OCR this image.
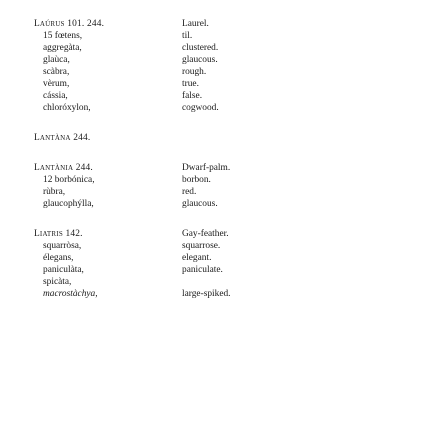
Laúrus 101. 244.
15 fœtens,
aggregàta,
glaùca,
scàbra,
vèrum,
cássia,
chloróxylon,
Lantàna 244.
Lantània 244.
12 borbónica,
rùbra,
glaucophýlla,
Liatris 142.
squarròsa,
élegans,
paniculàta,
spicàta,
macrostàchya,
Laurel.
til.
clustered.
glaucous.
rough.
true.
false.
cogwood.
Dwarf-palm.
borbon.
red.
glaucous.
Gay-feather.
squarrose.
elegant.
paniculate.
large-spiked.
